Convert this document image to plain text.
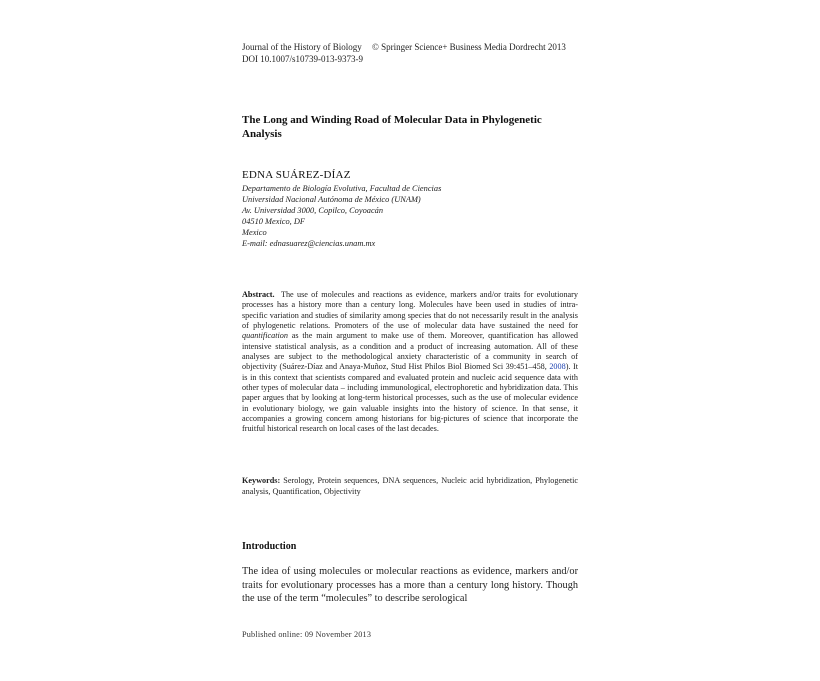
Journal of the History of Biology © Springer Science+ Business Media Dordrecht 2013
DOI 10.1007/s10739-013-9373-9
The Long and Winding Road of Molecular Data in Phylogenetic Analysis
EDNA SUÁREZ-DÍAZ
Departamento de Biología Evolutiva, Facultad de Ciencias
Universidad Nacional Autónoma de México (UNAM)
Av. Universidad 3000, Copilco, Coyoacán
04510 Mexico, DF
Mexico
E-mail: ednasuarez@ciencias.unam.mx
Abstract. The use of molecules and reactions as evidence, markers and/or traits for evolutionary processes has a history more than a century long. Molecules have been used in studies of intra-specific variation and studies of similarity among species that do not necessarily result in the analysis of phylogenetic relations. Promoters of the use of molecular data have sustained the need for quantification as the main argument to make use of them. Moreover, quantification has allowed intensive statistical analysis, as a condition and a product of increasing automation. All of these analyses are subject to the methodological anxiety characteristic of a community in search of objectivity (Suárez-Díaz and Anaya-Muñoz, Stud Hist Philos Biol Biomed Sci 39:451–458, 2008). It is in this context that scientists compared and evaluated protein and nucleic acid sequence data with other types of molecular data – including immunological, electrophoretic and hybridization data. This paper argues that by looking at long-term historical processes, such as the use of molecular evidence in evolutionary biology, we gain valuable insights into the history of science. In that sense, it accompanies a growing concern among historians for big-pictures of science that incorporate the fruitful historical research on local cases of the last decades.
Keywords: Serology, Protein sequences, DNA sequences, Nucleic acid hybridization, Phylogenetic analysis, Quantification, Objectivity
Introduction
The idea of using molecules or molecular reactions as evidence, markers and/or traits for evolutionary processes has a more than a century long history. Though the use of the term “molecules” to describe serological
Published online: 09 November 2013
